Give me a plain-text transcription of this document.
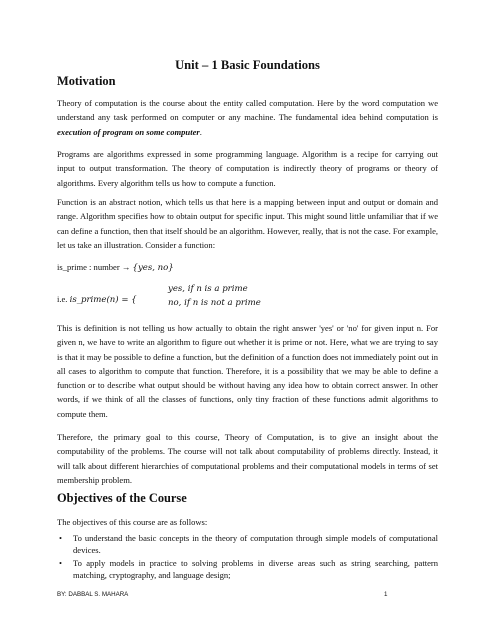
Unit – 1 Basic Foundations
Motivation

Theory of computation is the course about the entity called computation. Here by the word computation we understand any task performed on computer or any machine. The fundamental idea behind computation is execution of program on some computer.

Programs are algorithms expressed in some programming language. Algorithm is a recipe for carrying out input to output transformation. The theory of computation is indirectly theory of programs or theory of algorithms. Every algorithm tells us how to compute a function.

Function is an abstract notion, which tells us that here is a mapping between input and output or domain and range. Algorithm specifies how to obtain output for specific input. This might sound little unfamiliar that if we can define a function, then that itself should be an algorithm. However, really, that is not the case. For example, let us take an illustration. Consider a function:

is_prime : number → {yes, no}
i.e. is_prime(n) = {
yes, if n is a prime
no, if n is not a prime

This is definition is not telling us how actually to obtain the right answer 'yes' or 'no' for given input n. For given n, we have to write an algorithm to figure out whether it is prime or not. Here, what we are trying to say is that it may be possible to define a function, but the definition of a function does not immediately point out in all cases to algorithm to compute that function. Therefore, it is a possibility that we may be able to define a function or to describe what output should be without having any idea how to obtain correct answer. In other words, if we think of all the classes of functions, only tiny fraction of these functions admit algorithms to compute them.

Therefore, the primary goal to this course, Theory of Computation, is to give an insight about the computability of the problems. The course will not talk about computability of problems directly. Instead, it will talk about different hierarchies of computational problems and their computational models in terms of set membership problem.

Objectives of the Course

The objectives of this course are as follows:

• To understand the basic concepts in the theory of computation through simple models of computational devices.
• To apply models in practice to solving problems in diverse areas such as string searching, pattern matching, cryptography, and language design;
BY: DABBAL S. MAHARA	1
